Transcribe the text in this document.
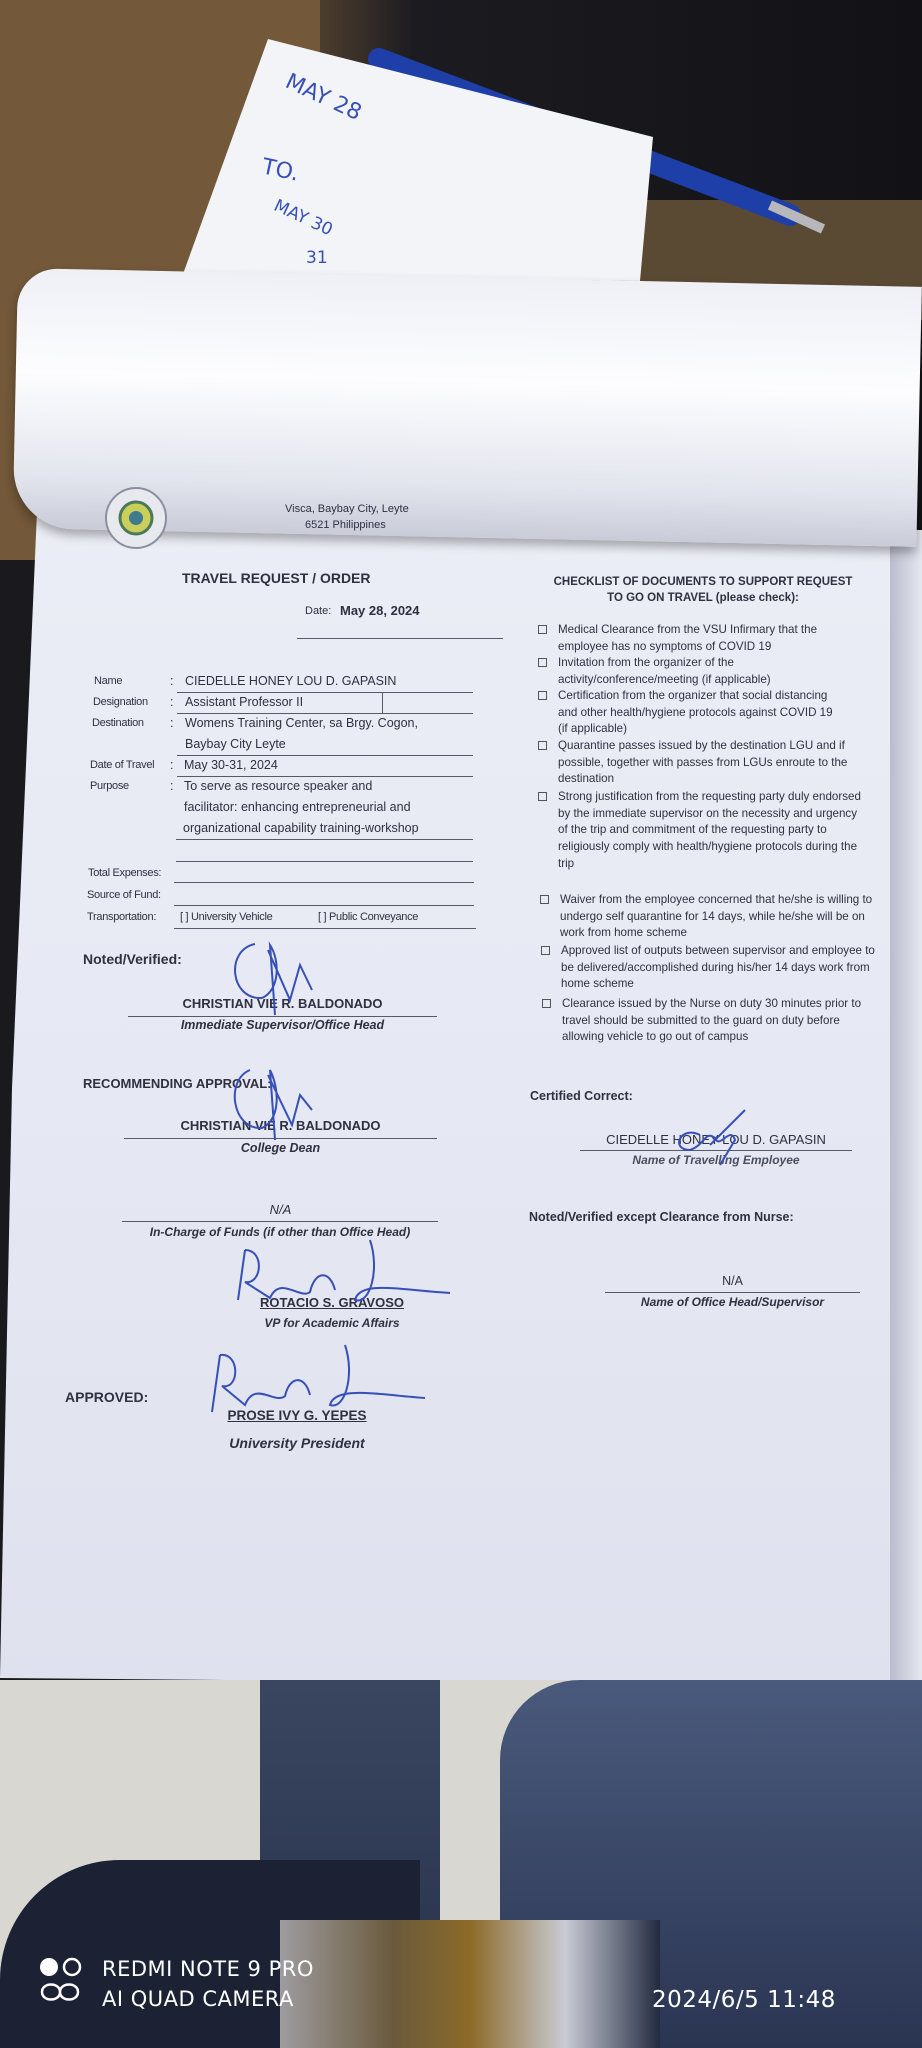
MAY 28
TO.
MAY 30
31
Visca, Baybay City, Leyte
6521 Philippines
TRAVEL REQUEST / ORDER
Date: May 28, 2024
Name	: CIEDELLE HONEY LOU D. GAPASIN
Designation : Assistant Professor II
Destination : Womens Training Center, sa Brgy. Cogon,
Baybay City Leyte
Date of Travel : May 30-31, 2024
Purpose	: To serve as resource speaker and
facilitator: enhancing entrepreneurial and
organizational capability training-workshop
Total Expenses:
Source of Fund:
Transportation: [ ] University Vehicle	[ ] Public Conveyance
CHECKLIST OF DOCUMENTS TO SUPPORT REQUEST
TO GO ON TRAVEL (please check):
Medical Clearance from the VSU Infirmary that the employee has no symptoms of COVID 19
Invitation from the organizer of the activity/conference/meeting (if applicable)
Certification from the organizer that social distancing and other health/hygiene protocols against COVID 19 (if applicable)
Quarantine passes issued by the destination LGU and if possible, together with passes from LGUs enroute to the destination
Strong justification from the requesting party duly endorsed by the immediate supervisor on the necessity and urgency of the trip and commitment of the requesting party to religiously comply with health/hygiene protocols during the trip
Waiver from the employee concerned that he/she is willing to undergo self quarantine for 14 days, while he/she will be on work from home scheme
Approved list of outputs between supervisor and employee to be delivered/accomplished during his/her 14 days work from home scheme
Clearance issued by the Nurse on duty 30 minutes prior to travel should be submitted to the guard on duty before allowing vehicle to go out of campus
Noted/Verified:
CHRISTIAN VIE R. BALDONADO
Immediate Supervisor/Office Head
RECOMMENDING APPROVAL:
CHRISTIAN VIE R. BALDONADO
College Dean
N/A
In-Charge of Funds (if other than Office Head)
ROTACIO S. GRAVOSO
VP for Academic Affairs
APPROVED:
PROSE IVY G. YEPES
University President
Certified Correct:
CIEDELLE HONEY LOU D. GAPASIN
Name of Travelling Employee
Noted/Verified except Clearance from Nurse:
N/A
Name of Office Head/Supervisor
REDMI NOTE 9 PRO
AI QUAD CAMERA	2024/6/5 11:48
